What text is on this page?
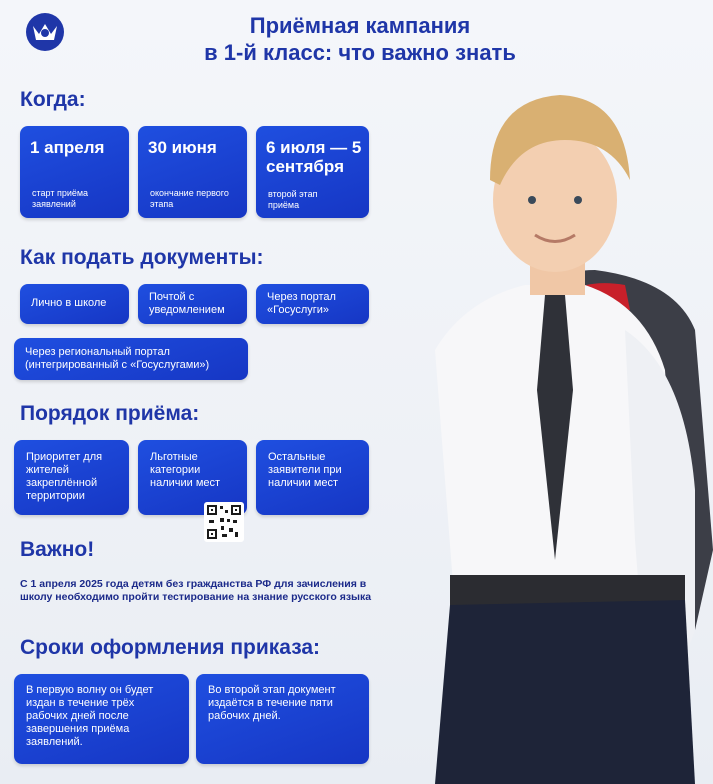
Приёмная кампания
в 1-й класс: что важно знать
Когда:
1 апреля
старт приёма заявлений
30 июня
окончание первого этапа
6 июля — 5 сентября
второй этап приёма
Как подать документы:
Лично в школе	Почтой с уведомлением
Через портал «Госуслуги»
Через региональный портал (интегрированный с «Госуслугами»)
Порядок приёма:
Приоритет для жителей закреплённой территории
Льготные категории наличии мест
Остальные заявители при наличии мест
Важно!
С 1 апреля 2025 года детям без гражданства РФ для зачисления в школу необходимо пройти тестирование на знание русского языка
Сроки оформления приказа:
В первую волну он будет издан в течение трёх рабочих дней после завершения приёма заявлений.
Во второй этап документ издаётся в течение пяти рабочих дней.
